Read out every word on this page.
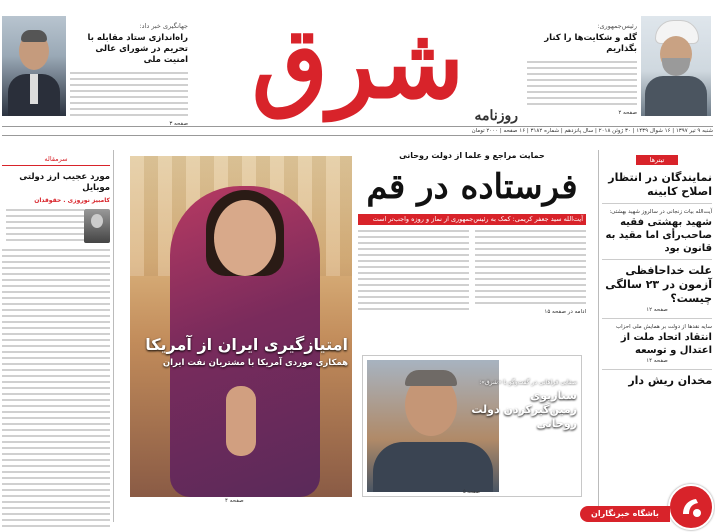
جهانگیری خبر داد:
راه‌اندازی ستاد مقابله با تحریم در شورای عالی امنیت ملی
صفحه ۳
شرق روزنامه
رئیس‌جمهوری:
گله و شکایت‌ها را کنار بگذاریم
صفحه ۲
شنبه ۹ تیر ۱۳۹۷ | ۱۶ شوال ۱۴۳۹ | ۳۰ ژوئن ۲۰۱۸ | سال پانزدهم | شماره ۳۱۸۲ | ۱۶ صفحه | ۲۰۰۰ تومان
سرمقاله
مورد عجیب ارز دولتی موبایل
کامبیز نوروزی . حقوقدان
امتیازگیری ایران از آمریکا
همکاری موردی آمریکا با مشتریان نفت ایران
صفحه ۴
حمایت مراجع و علما از دولت روحانی
فرستاده در قم
آیت‌الله سید جعفر کریمی: کمک به رئیس‌جمهوری از نماز و روزه واجب‌تر است
ادامه در صفحه ۱۵
صفایی فراهانی در گفت‌وگو با «شرق»:
سناریوی زمین‌گیرکردن دولت روحانی
صفحه ۵
تیترها
نمایندگان در انتظار اصلاح کابینه
آیت‌الله بیات زنجانی در سالروز شهید بهشتی:
شهید بهشتی فقیه صاحب‌رأی اما مقید به قانون بود
علت خداحافظی آزمون در ۲۳ سالگی چیست؟
صفحه ۱۲
سایه نقدها از دولت بر همایش ملی احزاب
انتقاد اتحاد ملت از اعتدال و توسعه
صفحه ۱۴
مخدان ریش دار
باشگاه خبرنگاران
